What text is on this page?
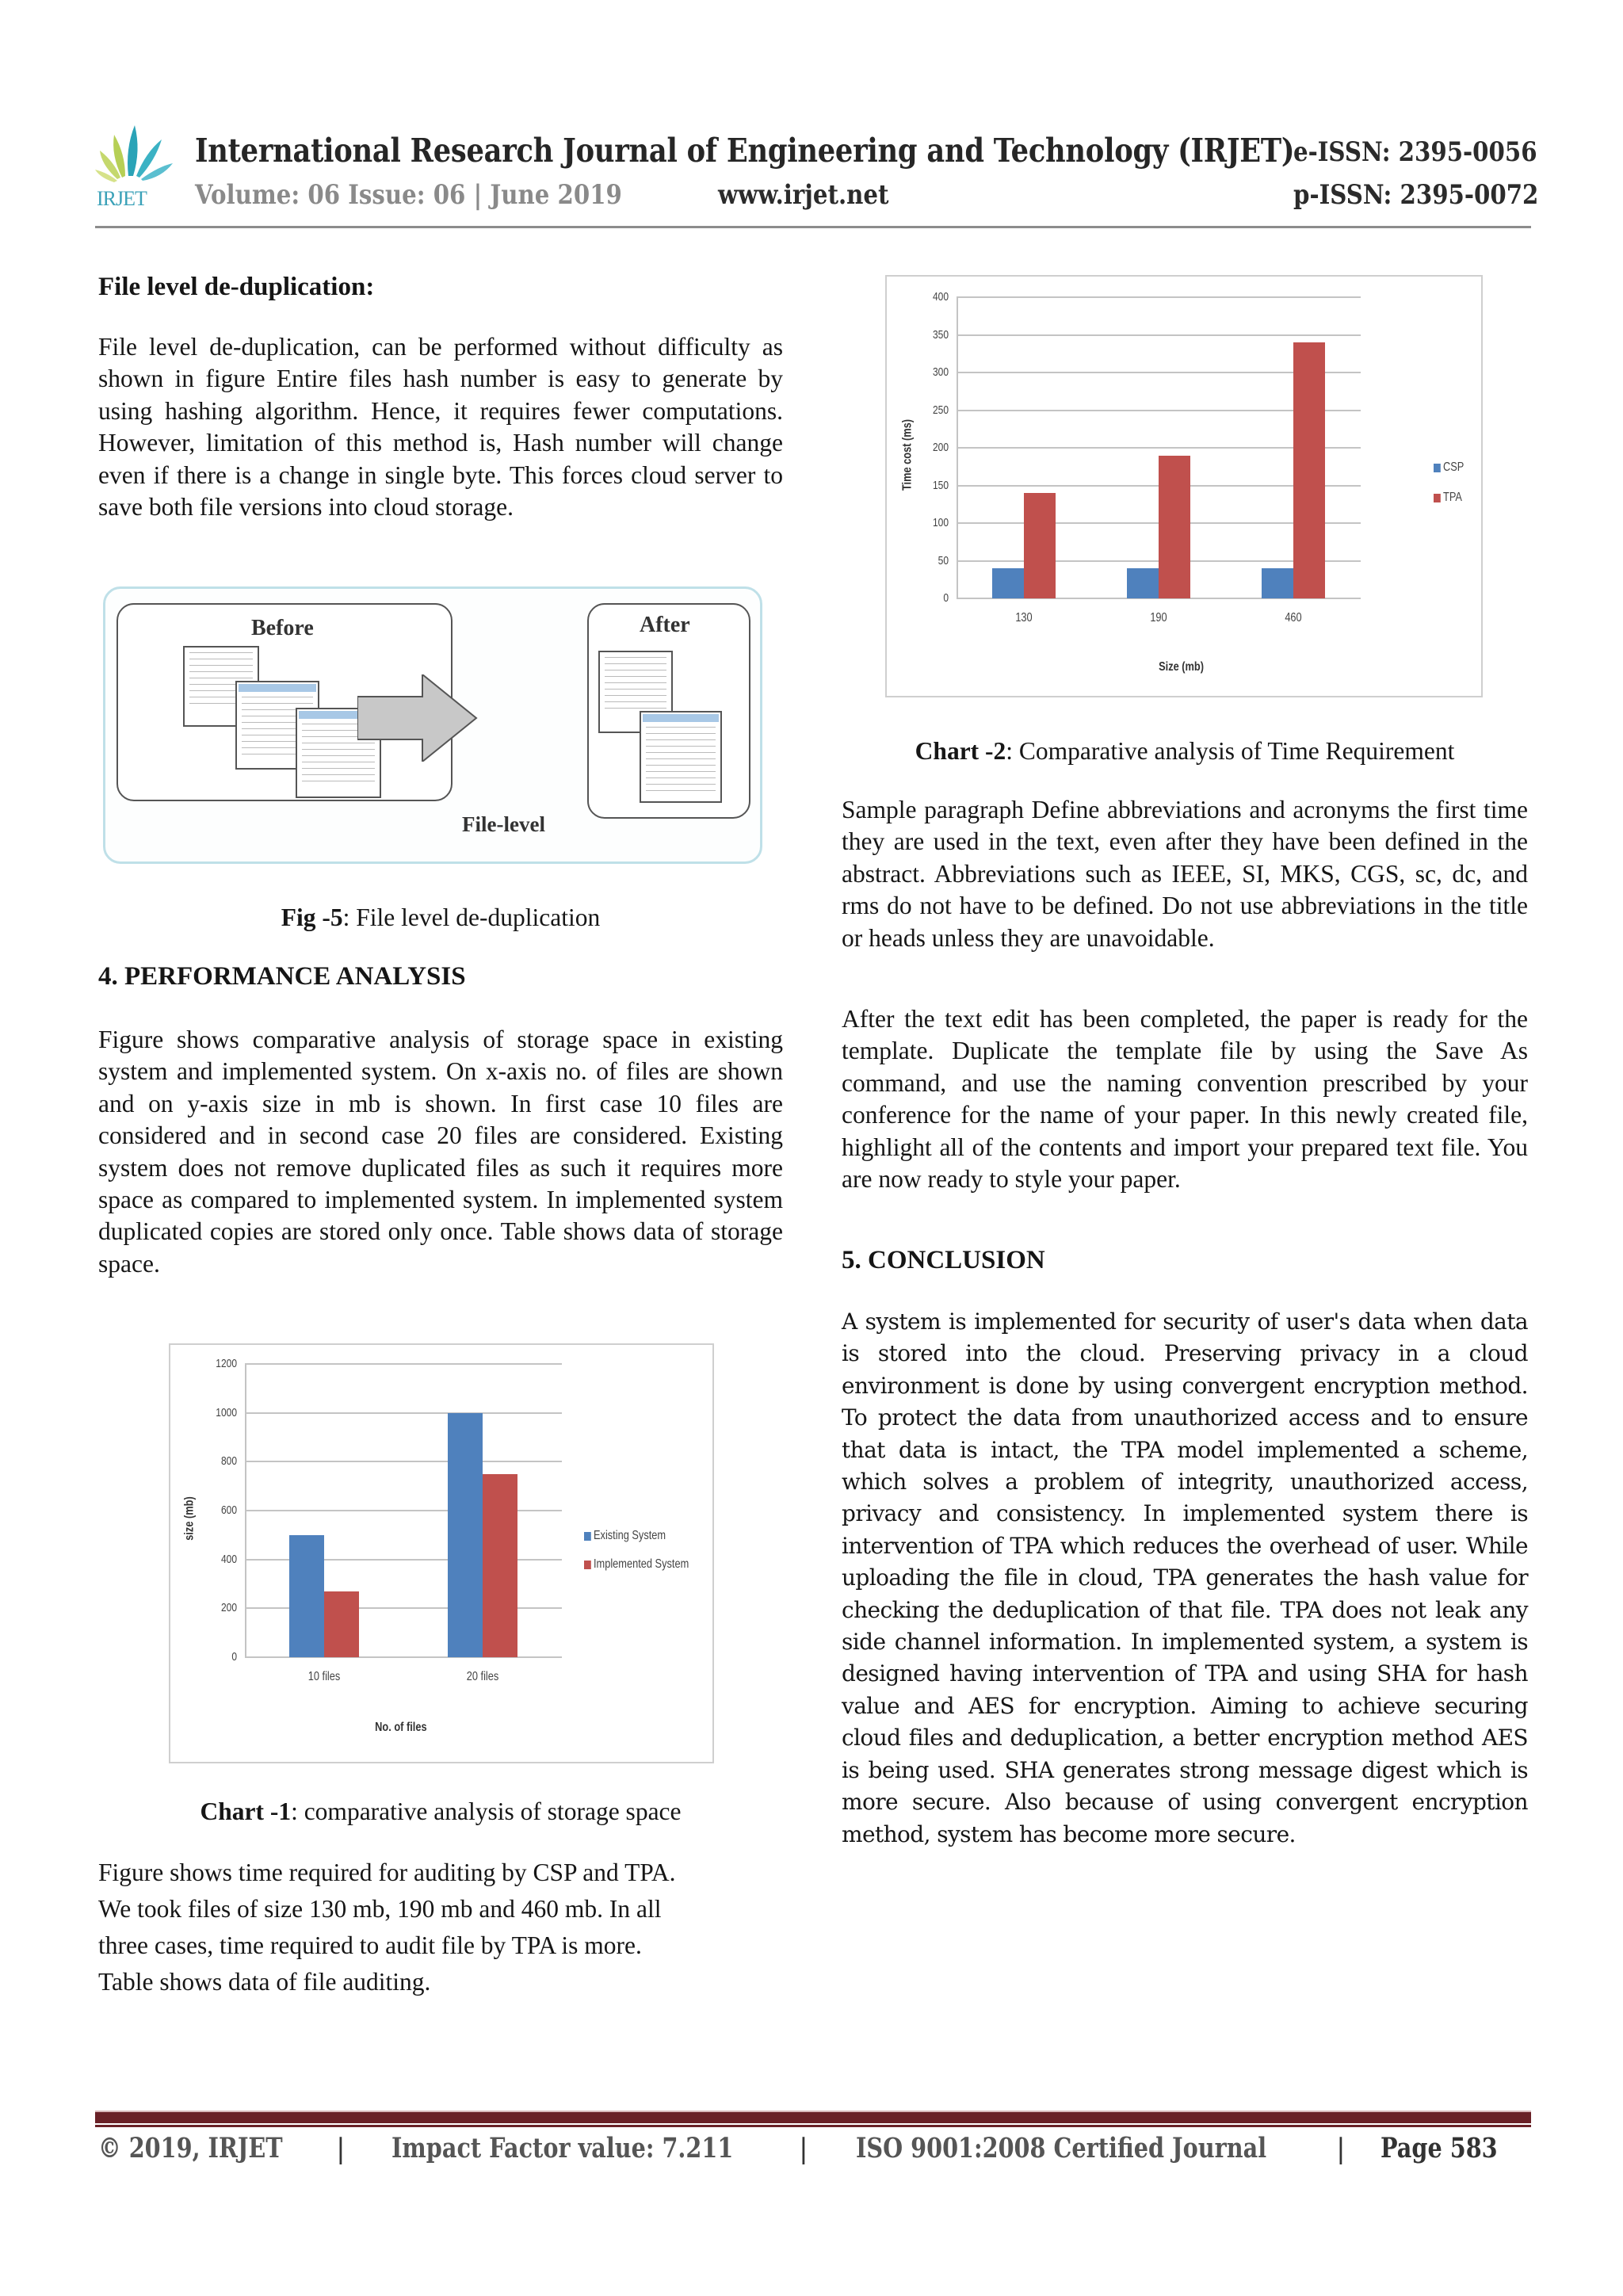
IRJET
International Research Journal of Engineering and Technology (IRJET)
e-ISSN: 2395-0056
Volume: 06 Issue: 06 | June 2019	www.irjet.net	p-ISSN: 2395-0072
File level de-duplication:
File level de-duplication, can be performed without difficulty as shown in figure Entire files hash number is easy to generate by using hashing algorithm. Hence, it requires fewer computations. However, limitation of this method is, Hash number will change even if there is a change in single byte. This forces cloud server to save both file versions into cloud storage.
Before	After
File-level
Fig -5: File level de-duplication
4. PERFORMANCE ANALYSIS
Figure shows comparative analysis of storage space in existing system and implemented system. On x-axis no. of files are shown and on y-axis size in mb is shown. In first case 10 files are considered and in second case 20 files are considered. Existing system does not remove duplicated files as such it requires more space as compared to implemented system. In implemented system duplicated copies are stored only once. Table shows data of storage space.
0
200
400
600
800
1000
1200
10 files	20 files
size (mb)
No. of files
Existing System
Implemented System
Chart -1: comparative analysis of storage space
Figure shows time required for auditing by CSP and TPA.
We took files of size 130 mb, 190 mb and 460 mb. In all
three cases, time required to audit file by TPA is more.
Table shows data of file auditing.
0
50
100
150
200
250
300
350
400
130	190	460
Time cost (ms)
Size (mb)
CSP
TPA
Chart -2: Comparative analysis of Time Requirement
Sample paragraph Define abbreviations and acronyms the first time they are used in the text, even after they have been defined in the abstract. Abbreviations such as IEEE, SI, MKS, CGS, sc, dc, and rms do not have to be defined. Do not use abbreviations in the title or heads unless they are unavoidable.
After the text edit has been completed, the paper is ready for the template. Duplicate the template file by using the Save As command, and use the naming convention prescribed by your conference for the name of your paper. In this newly created file, highlight all of the contents and import your prepared text file. You are now ready to style your paper.
5. CONCLUSION
A system is implemented for security of user's data when data is stored into the cloud. Preserving privacy in a cloud environment is done by using convergent encryption method. To protect the data from unauthorized access and to ensure that data is intact, the TPA model implemented a scheme, which solves a problem of integrity, unauthorized access, privacy and consistency. In implemented system there is intervention of TPA which reduces the overhead of user. While uploading the file in cloud, TPA generates the hash value for checking the deduplication of that file. TPA does not leak any side channel information. In implemented system, a system is designed having intervention of TPA and using SHA for hash value and AES for encryption. Aiming to achieve securing cloud files and deduplication, a better encryption method AES is being used. SHA generates strong message digest which is more secure. Also because of using convergent encryption method, system has become more secure.
© 2019, IRJET | Impact Factor value: 7.211 | ISO 9001:2008 Certified Journal	| Page 583
